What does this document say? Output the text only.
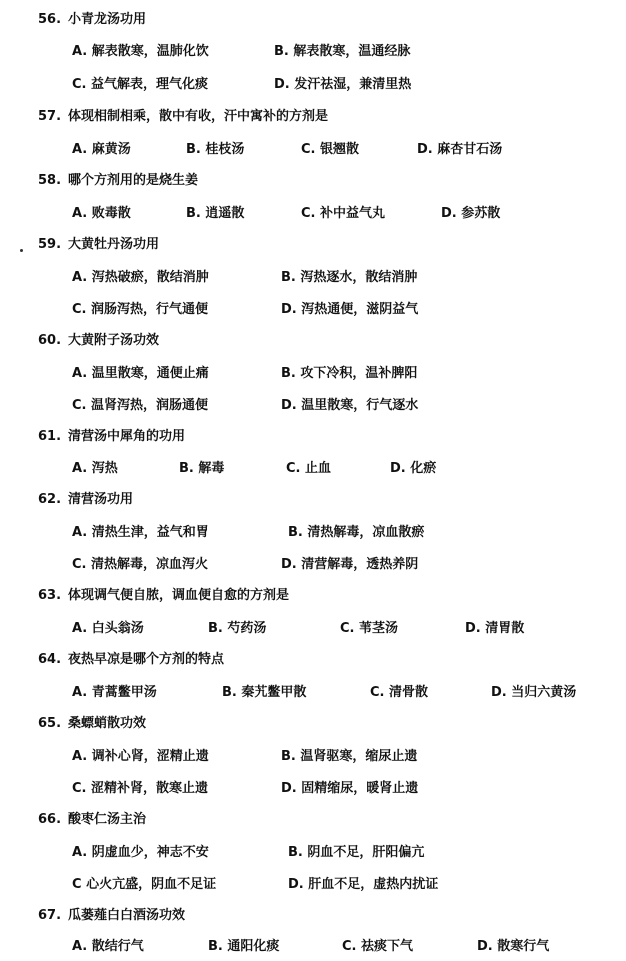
56. 小青龙汤功用
A. 解表散寒，温肺化饮	B. 解表散寒，温通经脉
C. 益气解表，理气化痰	D. 发汗祛湿，兼清里热
57. 体现相制相乘，散中有收，汗中寓补的方剂是
A. 麻黄汤	B. 桂枝汤	C. 银翘散	D. 麻杏甘石汤
58. 哪个方剂用的是烧生姜
A. 败毒散	B. 逍遥散	C. 补中益气丸	D. 参苏散
59. 大黄牡丹汤功用
A. 泻热破瘀，散结消肿	B. 泻热逐水，散结消肿
C. 润肠泻热，行气通便	D. 泻热通便，滋阴益气
60. 大黄附子汤功效
A. 温里散寒，通便止痛	B. 攻下冷积，温补脾阳
C. 温肾泻热，润肠通便	D. 温里散寒，行气逐水
61. 清营汤中犀角的功用
A. 泻热	B. 解毒	C. 止血	D. 化瘀
62. 清营汤功用
A. 清热生津，益气和胃	B. 清热解毒，凉血散瘀
C. 清热解毒，凉血泻火	D. 清营解毒，透热养阴
63. 体现调气便自脓，调血便自愈的方剂是
A. 白头翁汤	B. 芍药汤	C. 苇茎汤	D. 清胃散
64. 夜热早凉是哪个方剂的特点
A. 青蒿鳖甲汤	B. 秦艽鳖甲散	C. 清骨散	D. 当归六黄汤
65. 桑螵蛸散功效
A. 调补心肾，涩精止遗	B. 温肾驱寒，缩尿止遗
C. 涩精补肾，散寒止遗	D. 固精缩尿，暖肾止遗
66. 酸枣仁汤主治
A. 阴虚血少，神志不安	B. 阴血不足，肝阳偏亢
C 心火亢盛，阴血不足证	D. 肝血不足，虚热内扰证
67. 瓜蒌薤白白酒汤功效
A. 散结行气	B. 通阳化痰	C. 祛痰下气	D. 散寒行气
